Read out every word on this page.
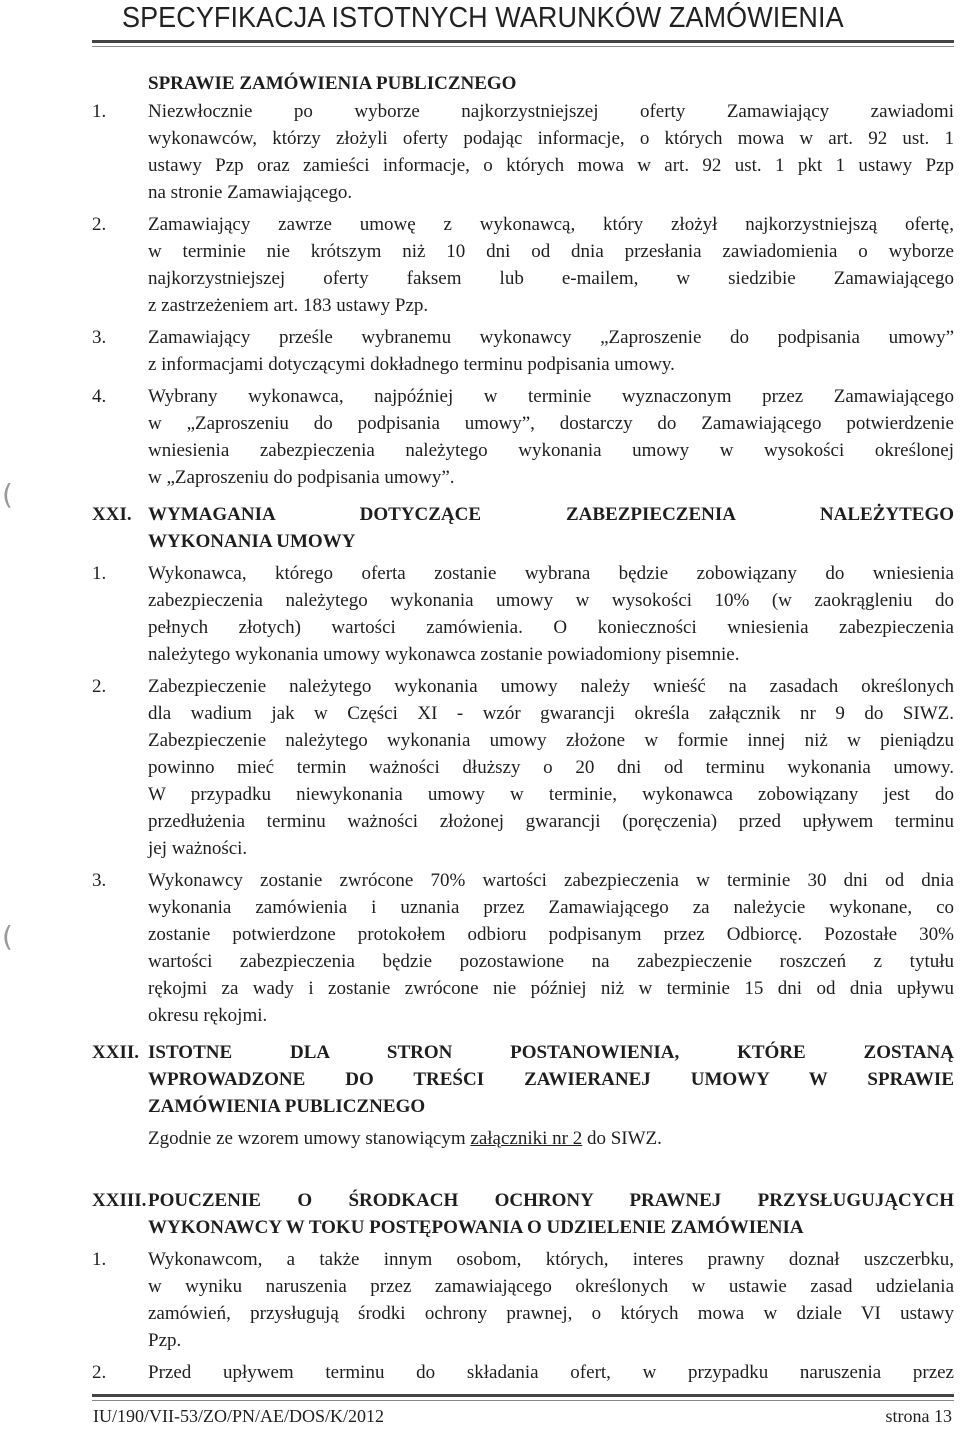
SPECYFIKACJA ISTOTNYCH WARUNKÓW ZAMÓWIENIA
(
(
SPRAWIE ZAMÓWIENIA PUBLICZNEGO
1. Niezwłocznie po wyborze najkorzystniejszej oferty Zamawiający zawiadomi
wykonawców, którzy złożyli oferty podając informacje, o których mowa w art. 92 ust. 1
ustawy Pzp oraz zamieści informacje, o których mowa w art. 92 ust. 1 pkt 1 ustawy Pzp
na stronie Zamawiającego.
2. Zamawiający zawrze umowę z wykonawcą, który złożył najkorzystniejszą ofertę,
w terminie nie krótszym niż 10 dni od dnia przesłania zawiadomienia o wyborze
najkorzystniejszej oferty faksem lub e-mailem, w siedzibie Zamawiającego
z zastrzeżeniem art. 183 ustawy Pzp.
3. Zamawiający prześle wybranemu wykonawcy „Zaproszenie do podpisania umowy”
z informacjami dotyczącymi dokładnego terminu podpisania umowy.
4. Wybrany wykonawca, najpóźniej w terminie wyznaczonym przez Zamawiającego
w „Zaproszeniu do podpisania umowy”, dostarczy do Zamawiającego potwierdzenie
wniesienia zabezpieczenia należytego wykonania umowy w wysokości określonej
w „Zaproszeniu do podpisania umowy”.
XXI. WYMAGANIA DOTYCZĄCE ZABEZPIECZENIA NALEŻYTEGO
WYKONANIA UMOWY
1. Wykonawca, którego oferta zostanie wybrana będzie zobowiązany do wniesienia
zabezpieczenia należytego wykonania umowy w wysokości 10% (w zaokrągleniu do
pełnych złotych) wartości zamówienia. O konieczności wniesienia zabezpieczenia
należytego wykonania umowy wykonawca zostanie powiadomiony pisemnie.
2. Zabezpieczenie należytego wykonania umowy należy wnieść na zasadach określonych
dla wadium jak w Części XI - wzór gwarancji określa załącznik nr 9 do SIWZ.
Zabezpieczenie należytego wykonania umowy złożone w formie innej niż w pieniądzu
powinno mieć termin ważności dłuższy o 20 dni od terminu wykonania umowy.
W przypadku niewykonania umowy w terminie, wykonawca zobowiązany jest do
przedłużenia terminu ważności złożonej gwarancji (poręczenia) przed upływem terminu
jej ważności.
3. Wykonawcy zostanie zwrócone 70% wartości zabezpieczenia w terminie 30 dni od dnia
wykonania zamówienia i uznania przez Zamawiającego za należycie wykonane, co
zostanie potwierdzone protokołem odbioru podpisanym przez Odbiorcę. Pozostałe 30%
wartości zabezpieczenia będzie pozostawione na zabezpieczenie roszczeń z tytułu
rękojmi za wady i zostanie zwrócone nie później niż w terminie 15 dni od dnia upływu
okresu rękojmi.
XXII. ISTOTNE DLA STRON POSTANOWIENIA, KTÓRE ZOSTANĄ
WPROWADZONE DO TREŚCI ZAWIERANEJ UMOWY W SPRAWIE
ZAMÓWIENIA PUBLICZNEGO
Zgodnie ze wzorem umowy stanowiącym załączniki nr 2 do SIWZ.
XXIII. POUCZENIE O ŚRODKACH OCHRONY PRAWNEJ PRZYSŁUGUJĄCYCH
WYKONAWCY W TOKU POSTĘPOWANIA O UDZIELENIE ZAMÓWIENIA
1. Wykonawcom, a także innym osobom, których, interes prawny doznał uszczerbku,
w wyniku naruszenia przez zamawiającego określonych w ustawie zasad udzielania
zamówień, przysługują środki ochrony prawnej, o których mowa w dziale VI ustawy
Pzp.
2. Przed upływem terminu do składania ofert, w przypadku naruszenia przez
IU/190/VII-53/ZO/PN/AE/DOS/K/2012	strona 13
